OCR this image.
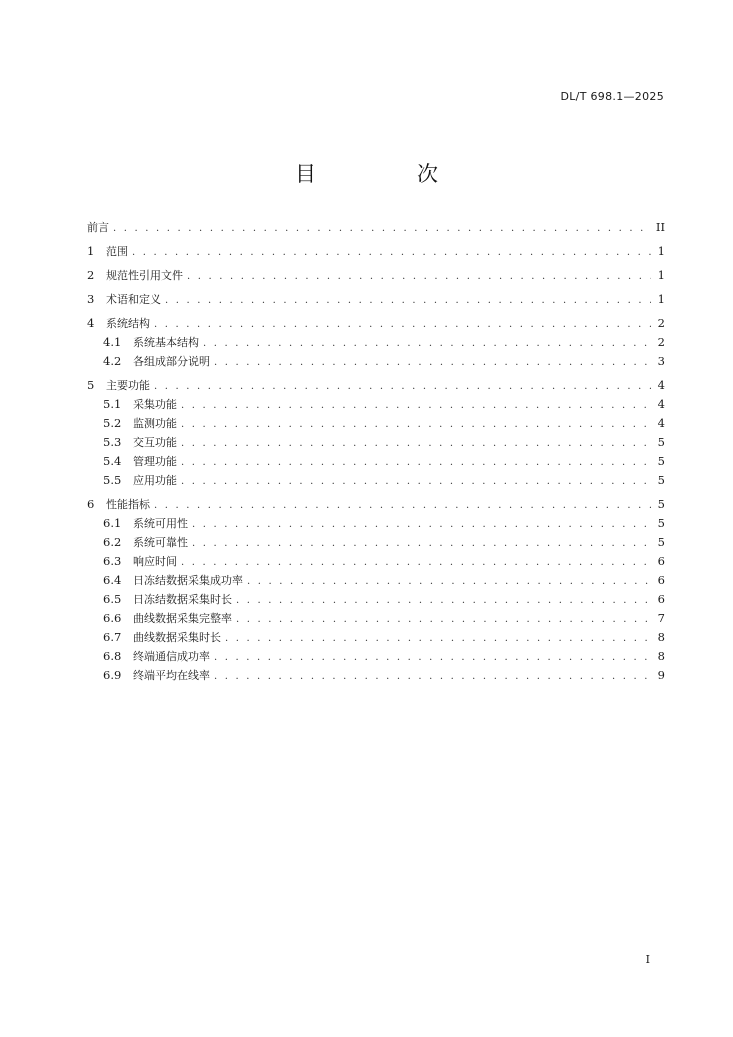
DL/T 698.1—2025
目　次
前言 . . .	II
1	范围 . . .	1
2	规范性引用文件 . . .	1
3	术语和定义 . . .	1
4	系统结构 . . .	2
4.1	系统基本结构 . . .	2
4.2	各组成部分说明 . . .	3
5	主要功能 . . .	4
5.1	采集功能 . . .	4
5.2	监测功能 . . .	4
5.3	交互功能 . . .	5
5.4	管理功能 . . .	5
5.5	应用功能 . . .	5
6	性能指标 . . .	5
6.1	系统可用性 . . .	5
6.2	系统可靠性 . . .	5
6.3	响应时间 . . .	6
6.4	日冻结数据采集成功率 . . .	6
6.5	日冻结数据采集时长 . . .	6
6.6	曲线数据采集完整率 . . .	7
6.7	曲线数据采集时长 . . .	8
6.8	终端通信成功率 . . .	8
6.9	终端平均在线率 . . .	9
I
